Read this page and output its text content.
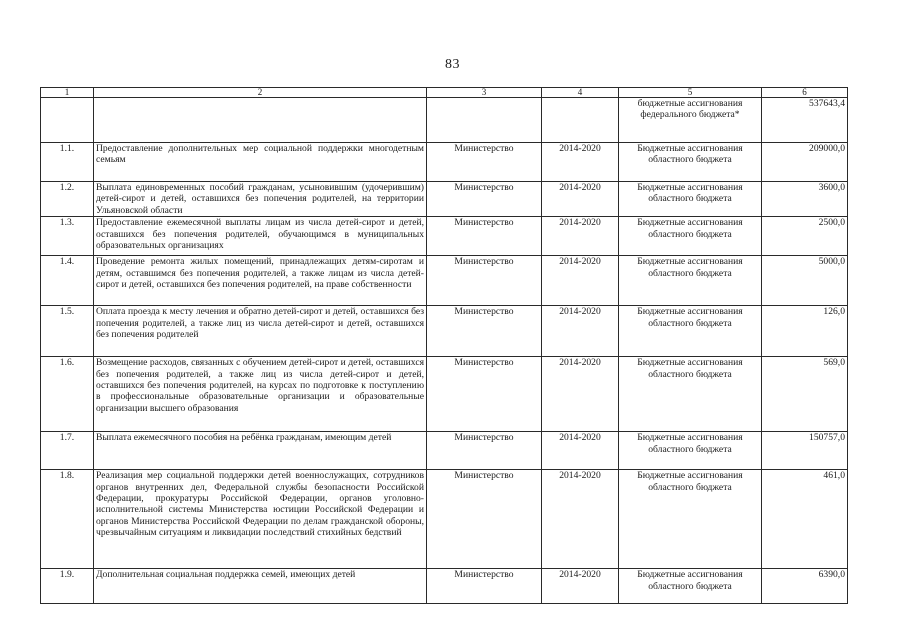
83
1	2	3	4	5	6
				бюджетные ассигнования федерального бюджета*	537643,4
1.1.	Предоставление дополнительных мер социальной поддержки многодетным семьям	Министерство	2014-2020	Бюджетные ассигнования областного бюджета	209000,0
1.2.	Выплата единовременных пособий гражданам, усыновившим (удочерившим) детей-сирот и детей, оставшихся без попечения родителей, на территории Ульяновской области	Министерство	2014-2020	Бюджетные ассигнования областного бюджета	3600,0
1.3.	Предоставление ежемесячной выплаты лицам из числа детей-сирот и детей, оставшихся без попечения родителей, обучающимся в муниципальных образовательных организациях	Министерство	2014-2020	Бюджетные ассигнования областного бюджета	2500,0
1.4.	Проведение ремонта жилых помещений, принадлежащих детям-сиротам и детям, оставшимся без попечения родителей, а также лицам из числа детей-сирот и детей, оставшихся без попечения родителей, на праве собственности	Министерство	2014-2020	Бюджетные ассигнования областного бюджета	5000,0
1.5.	Оплата проезда к месту лечения и обратно детей-сирот и детей, оставшихся без попечения родителей, а также лиц из числа детей-сирот и детей, оставшихся без попечения родителей	Министерство	2014-2020	Бюджетные ассигнования областного бюджета	126,0
1.6.	Возмещение расходов, связанных с обучением детей-сирот и детей, оставшихся без попечения родителей, а также лиц из числа детей-сирот и детей, оставшихся без попечения родителей, на курсах по подготовке к поступлению в профессиональные образовательные организации и образовательные организации высшего образования	Министерство	2014-2020	Бюджетные ассигнования областного бюджета	569,0
1.7.	Выплата ежемесячного пособия на ребёнка гражданам, имеющим детей	Министерство	2014-2020	Бюджетные ассигнования областного бюджета	150757,0
1.8.	Реализация мер социальной поддержки детей военнослужащих, сотрудников органов внутренних дел, Федеральной службы безопасности Российской Федерации, прокуратуры Российской Федерации, органов уголовно-исполнительной системы Министерства юстиции Российской Федерации и органов Министерства Российской Федерации по делам гражданской обороны, чрезвычайным ситуациям и ликвидации последствий стихийных бедствий	Министерство	2014-2020	Бюджетные ассигнования областного бюджета	461,0
1.9.	Дополнительная социальная поддержка семей, имеющих детей	Министерство	2014-2020	Бюджетные ассигнования областного бюджета	6390,0
